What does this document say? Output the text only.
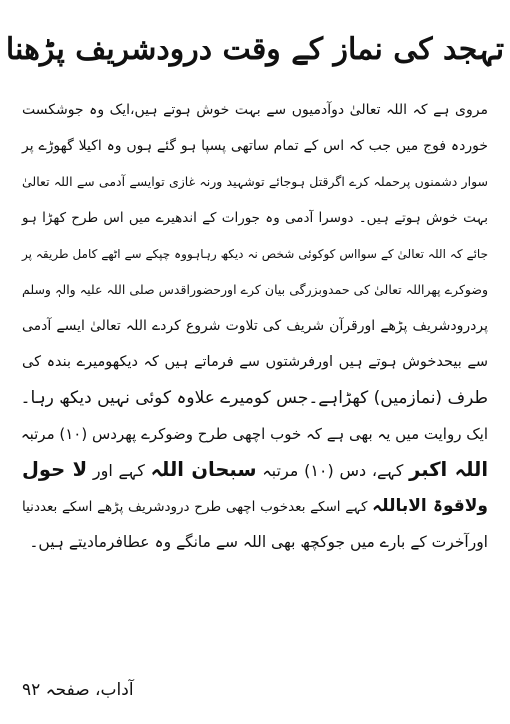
تہجد کی نماز کے وقت درودشریف پڑھنا
مروی ہے کہ اللہ تعالیٰ دوآدمیوں سے بہت خوش ہوتے ہیں،ایک وہ جوشکست
خوردہ فوج میں جب کہ اس کے تمام ساتھی پسپا ہو گئے ہوں وہ اکیلا گھوڑے پر
سوار دشمنوں پرحملہ کرے اگرقتل ہوجائے توشہید ورنہ غازی توایسے آدمی سے اللہ تعالیٰ
بہت خوش ہوتے ہیں۔ دوسرا آدمی وہ جورات کے اندھیرے میں اس طرح کھڑا ہو
جائے کہ اللہ تعالیٰ کے سوااس کوکوئی شخص نہ دیکھ رہاہووہ چپکے سے اٹھے کامل طریقہ پر
وضوکرے پھراللہ تعالیٰ کی حمدوبزرگی بیان کرے اورحضوراقدس صلی اللہ علیہ والہٖ وسلم
پردرودشریف پڑھے اورقرآن شریف کی تلاوت شروع کردے اللہ تعالیٰ ایسے آدمی
سے بیحدخوش ہوتے ہیں اورفرشتوں سے فرماتے ہیں کہ دیکھومیرے بندہ کی
طرف (نمازمیں) کھڑاہے۔جس کومیرے علاوہ کوئی نہیں دیکھ رہا۔
ایک روایت میں یہ بھی ہے کہ خوب اچھی طرح وضوکرے پھردس (۱۰) مرتبہ
اللہ اکبر کہے، دس (۱۰) مرتبہ سبحان اللہ کہے اور لا حول
ولاقوۃ الاباللہ کہے اسکے بعدخوب اچھی طرح درودشریف پڑھے اسکے بعددنیا
اورآخرت کے بارے میں جوکچھ بھی اللہ سے مانگے وہ عطافرمادیتے ہیں۔
آداب، صفحہ ۹۲
